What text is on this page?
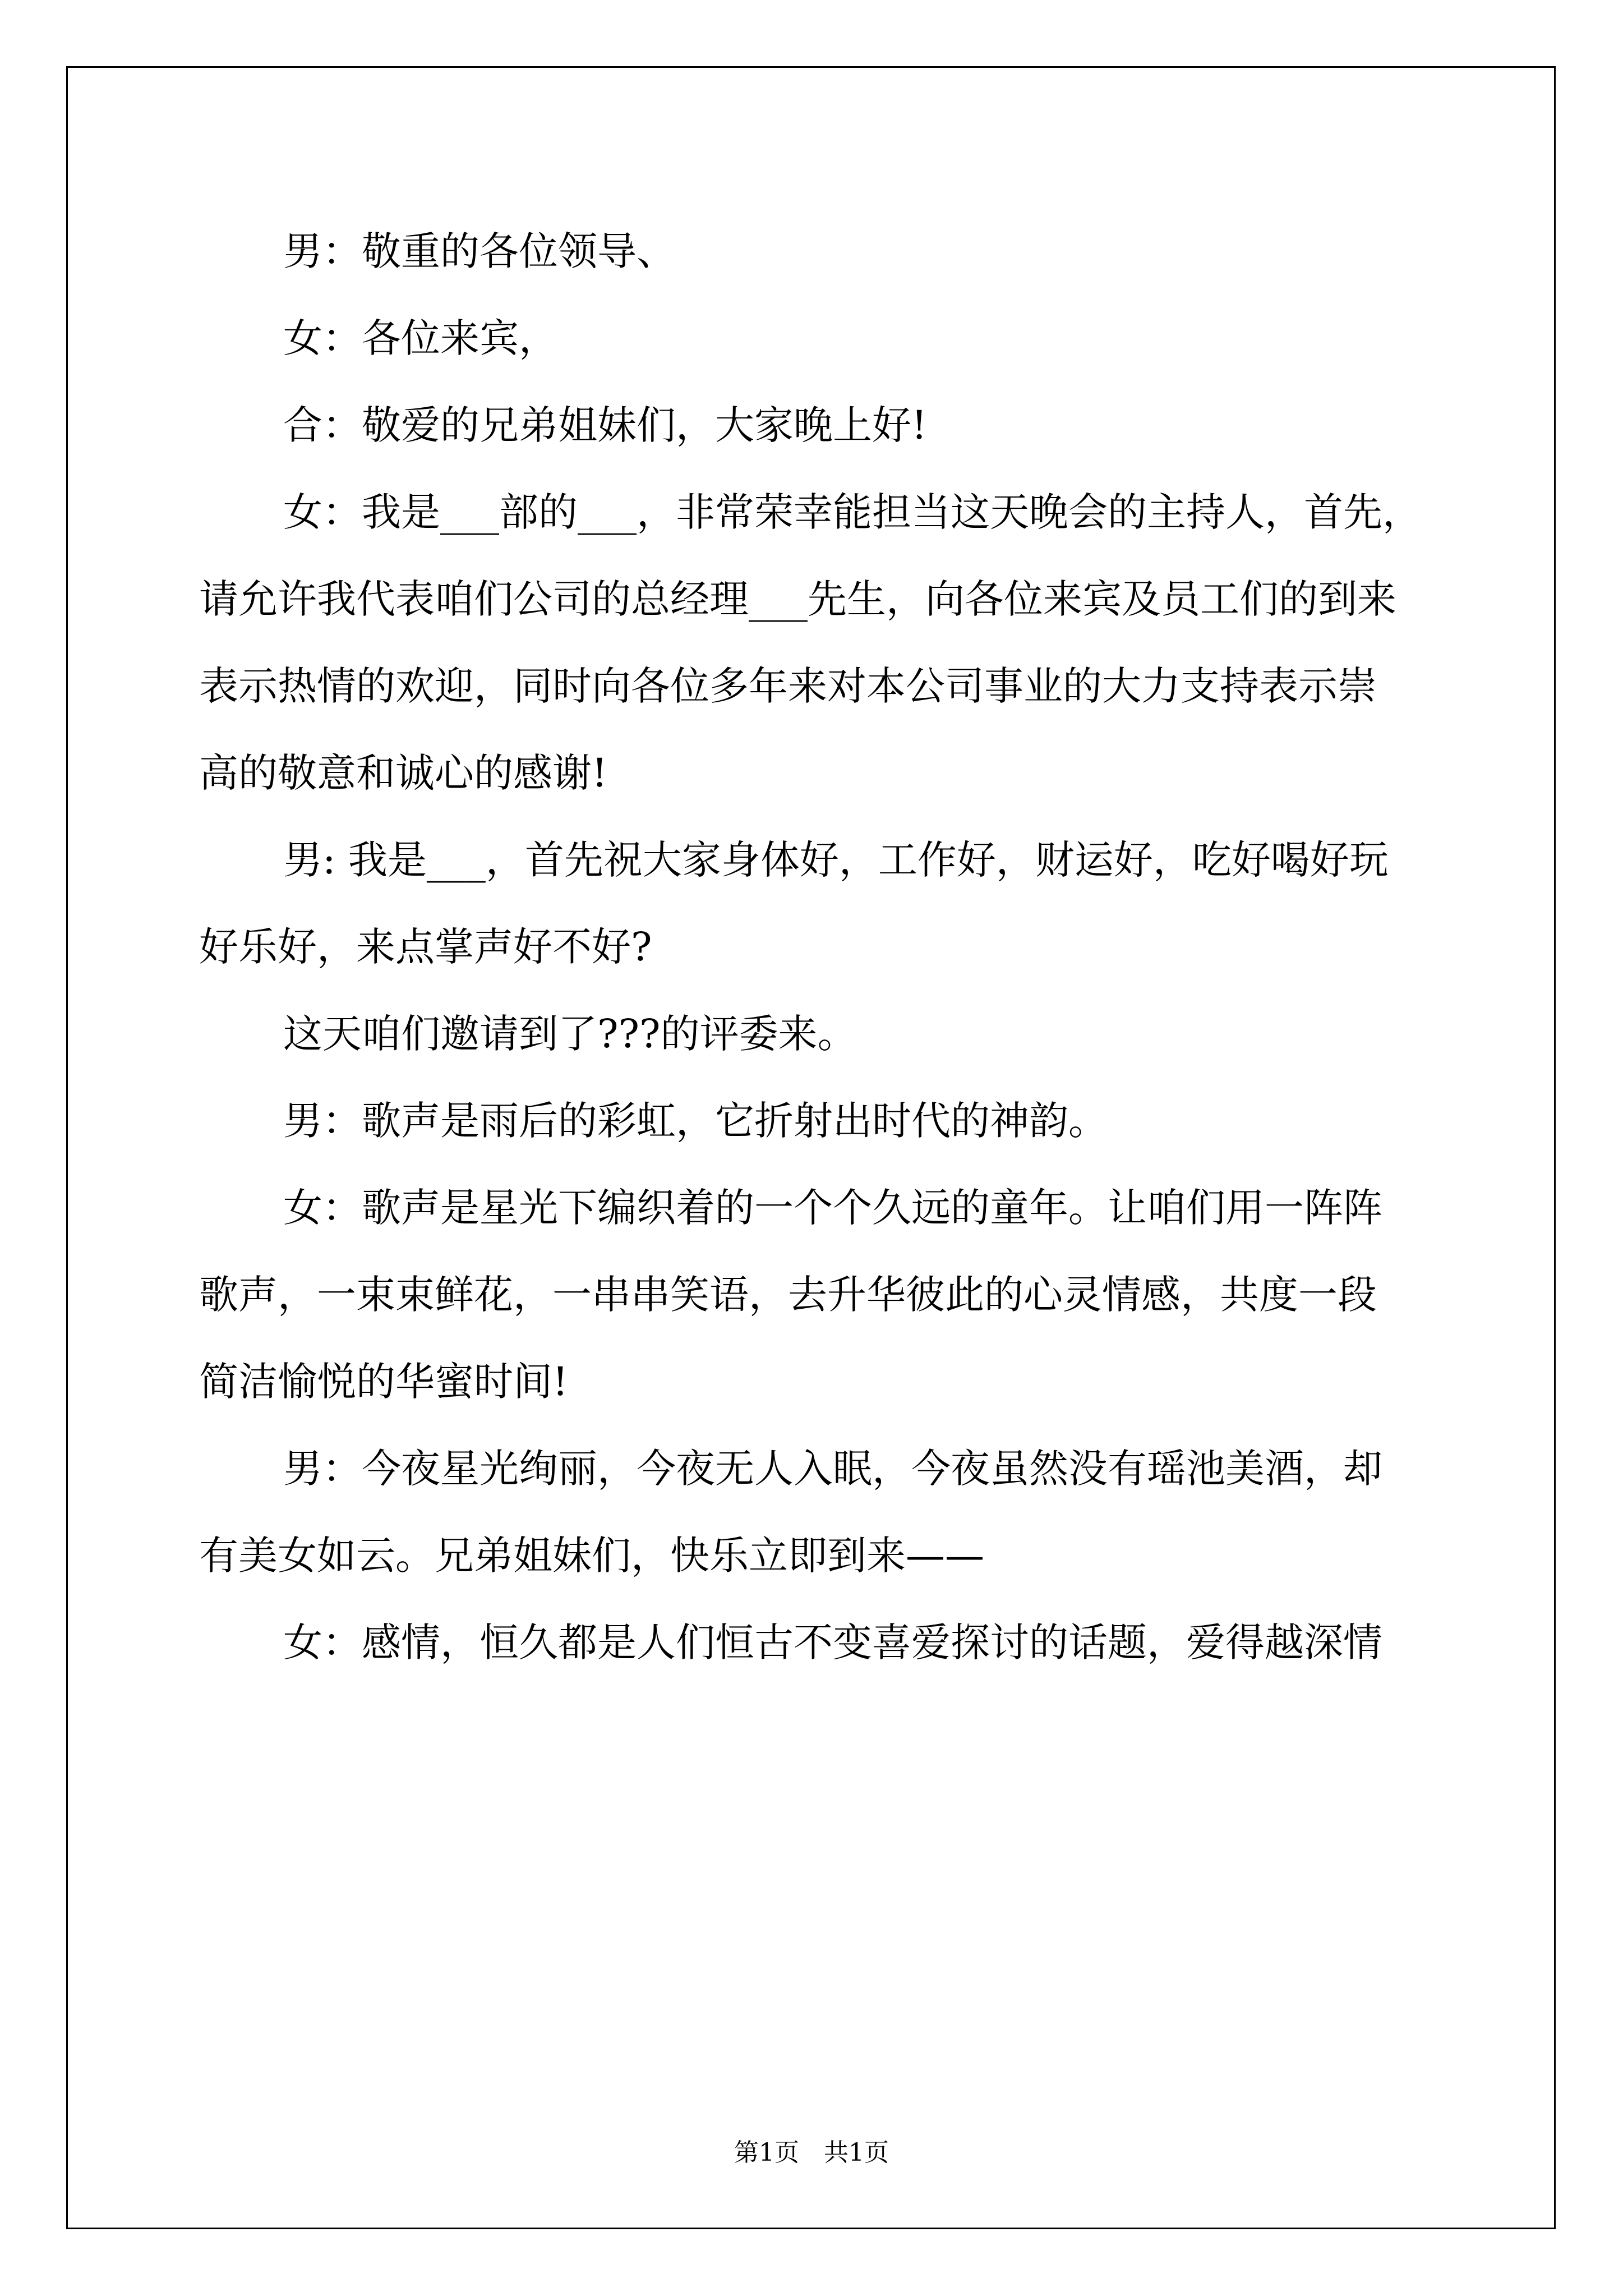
男：敬重的各位领导、
女：各位来宾，
合：敬爱的兄弟姐妹们，大家晚上好!
女：我是___部的___，非常荣幸能担当这天晚会的主持人，首先，
请允许我代表咱们公司的总经理___先生，向各位来宾及员工们的到来
表示热情的欢迎，同时向各位多年来对本公司事业的大力支持表示崇
高的敬意和诚心的感谢!
男: 我是___，首先祝大家身体好，工作好，财运好，吃好喝好玩
好乐好，来点掌声好不好?
这天咱们邀请到了???的评委来。
男：歌声是雨后的彩虹，它折射出时代的神韵。
女：歌声是星光下编织着的一个个久远的童年。让咱们用一阵阵
歌声，一束束鲜花，一串串笑语，去升华彼此的心灵情感，共度一段
简洁愉悦的华蜜时间!
男：今夜星光绚丽，今夜无人入眠，今夜虽然没有瑶池美酒，却
有美女如云。兄弟姐妹们，快乐立即到来——
女：感情，恒久都是人们恒古不变喜爱探讨的话题，爱得越深情
第1页　共1页
